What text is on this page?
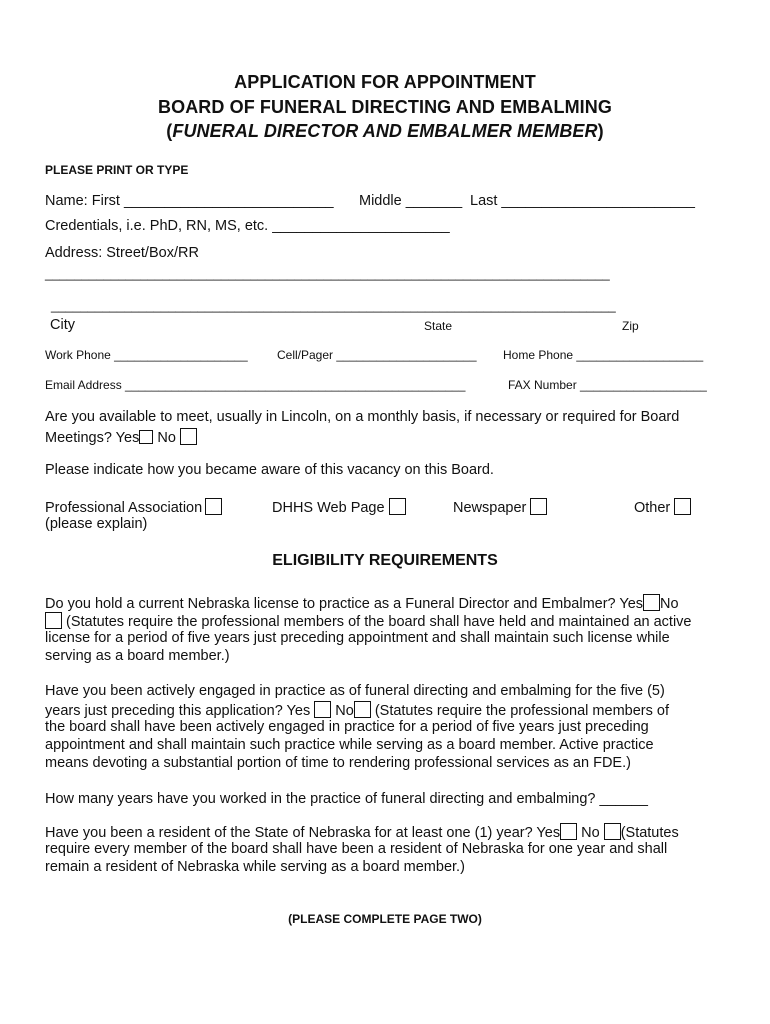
APPLICATION FOR APPOINTMENT
BOARD OF FUNERAL DIRECTING AND EMBALMING
(FUNERAL DIRECTOR AND EMBALMER MEMBER)
PLEASE PRINT OR TYPE
Name: First __________________________ Middle _______ Last ________________________
Credentials, i.e. PhD, RN, MS, etc. ______________________
Address: Street/Box/RR
_____________________________________________________________________________
_____________________________________________________________________________
City	State	Zip
Work Phone ____________________ Cell/Pager _____________________ Home Phone ___________________
Email Address ___________________________________________________	FAX Number ___________________
Are you available to meet, usually in Lincoln, on a monthly basis, if necessary or required for Board
Meetings? Yes No
Please indicate how you became aware of this vacancy on this Board.
Professional Association
(please explain)
DHHS Web Page	Newspaper	Other
ELIGIBILITY REQUIREMENTS
Do you hold a current Nebraska license to practice as a Funeral Director and Embalmer? Yes No
(Statutes require the professional members of the board shall have held and maintained an active
license for a period of five years just preceding appointment and shall maintain such license while
serving as a board member.)
Have you been actively engaged in practice as of funeral directing and embalming for the five (5)
years just preceding this application? Yes No (Statutes require the professional members of
the board shall have been actively engaged in practice for a period of five years just preceding
appointment and shall maintain such practice while serving as a board member. Active practice
means devoting a substantial portion of time to rendering professional services as an FDE.)
How many years have you worked in the practice of funeral directing and embalming? ______
Have you been a resident of the State of Nebraska for at least one (1) year? Yes No (Statutes
require every member of the board shall have been a resident of Nebraska for one year and shall
remain a resident of Nebraska while serving as a board member.)
(PLEASE COMPLETE PAGE TWO)
